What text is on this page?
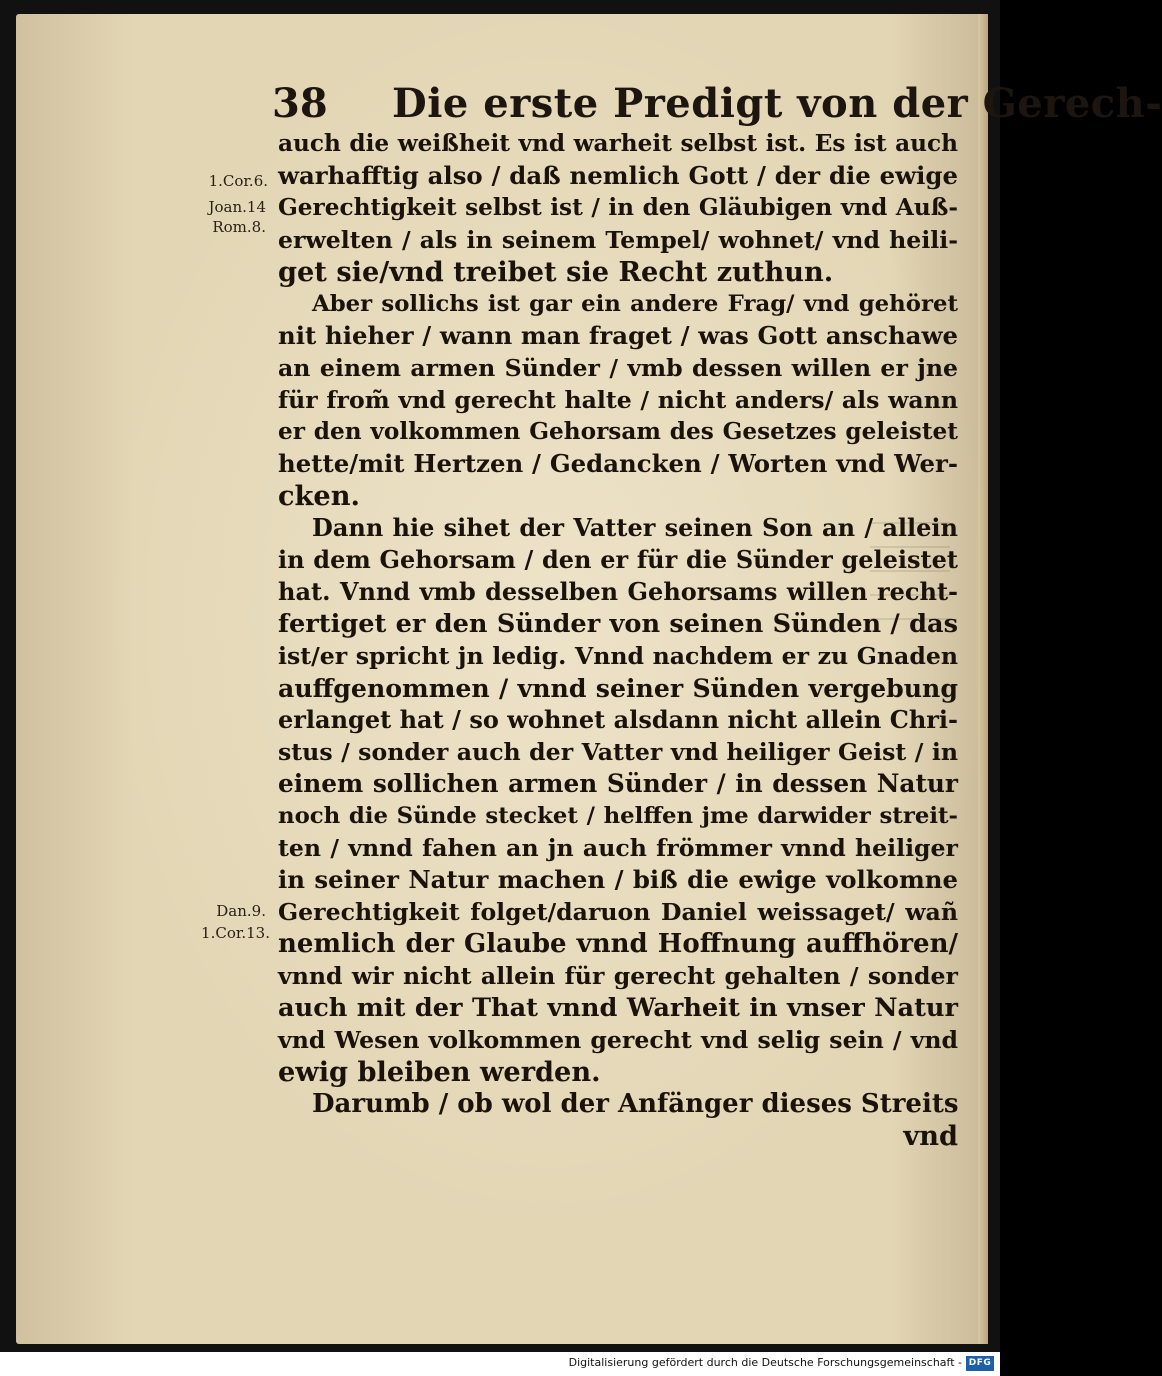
38 Die erste Predigt von der Gerech-
1.Cor.6.
Joan.14
Rom.8.
Dan.9.
1.Cor.13.
auch die weißheit vnd warheit selbst ist. Es ist auch
warhafftig also / daß nemlich Gott / der die ewige
Gerechtigkeit selbst ist / in den Gläubigen vnd Auß-
erwelten / als in seinem Tempel/ wohnet/ vnd heili-
get sie/vnd treibet sie Recht zuthun.
Aber sollichs ist gar ein andere Frag/ vnd gehöret
nit hieher / wann man fraget / was Gott anschawe
an einem armen Sünder / vmb dessen willen er jne
für from̃ vnd gerecht halte / nicht anders/ als wann
er den volkommen Gehorsam des Gesetzes geleistet
hette/mit Hertzen / Gedancken / Worten vnd Wer-
cken.
Dann hie sihet der Vatter seinen Son an / allein
in dem Gehorsam / den er für die Sünder geleistet
hat. Vnnd vmb desselben Gehorsams willen recht-
fertiget er den Sünder von seinen Sünden / das
ist/er spricht jn ledig. Vnnd nachdem er zu Gnaden
auffgenommen / vnnd seiner Sünden vergebung
erlanget hat / so wohnet alsdann nicht allein Chri-
stus / sonder auch der Vatter vnd heiliger Geist / in
einem sollichen armen Sünder / in dessen Natur
noch die Sünde stecket / helffen jme darwider streit-
ten / vnnd fahen an jn auch frömmer vnnd heiliger
in seiner Natur machen / biß die ewige volkomne
Gerechtigkeit folget/daruon Daniel weissaget/ wañ
nemlich der Glaube vnnd Hoffnung auffhören/
vnnd wir nicht allein für gerecht gehalten / sonder
auch mit der That vnnd Warheit in vnser Natur
vnd Wesen volkommen gerecht vnd selig sein / vnd
ewig bleiben werden.
Darumb / ob wol der Anfänger dieses Streits
vnd
Digitalisierung gefördert durch die Deutsche Forschungsgemeinschaft - DFG
